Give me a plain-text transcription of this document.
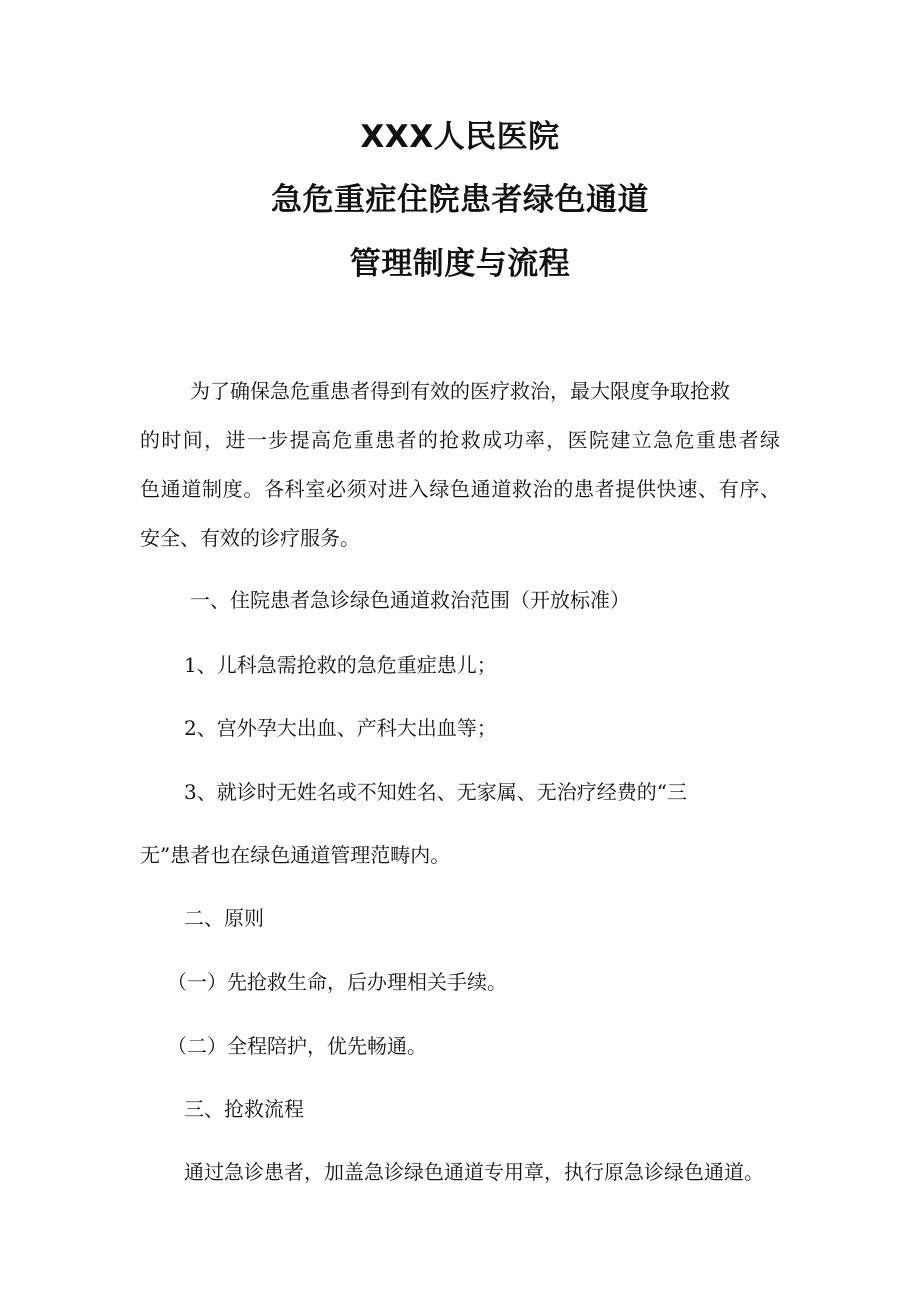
XXX人民医院
急危重症住院患者绿色通道
管理制度与流程
为了确保急危重患者得到有效的医疗救治，最大限度争取抢救
的时间，进一步提高危重患者的抢救成功率，医院建立急危重患者绿
色通道制度。各科室必须对进入绿色通道救治的患者提供快速、有序、
安全、有效的诊疗服务。
一、住院患者急诊绿色通道救治范围（开放标准）
1、儿科急需抢救的急危重症患儿；
2、宫外孕大出血、产科大出血等；
3、就诊时无姓名或不知姓名、无家属、无治疗经费的“三
无”患者也在绿色通道管理范畴内。
二、原则
（一）先抢救生命，后办理相关手续。
（二）全程陪护，优先畅通。
三、抢救流程
通过急诊患者，加盖急诊绿色通道专用章，执行原急诊绿色通道。
